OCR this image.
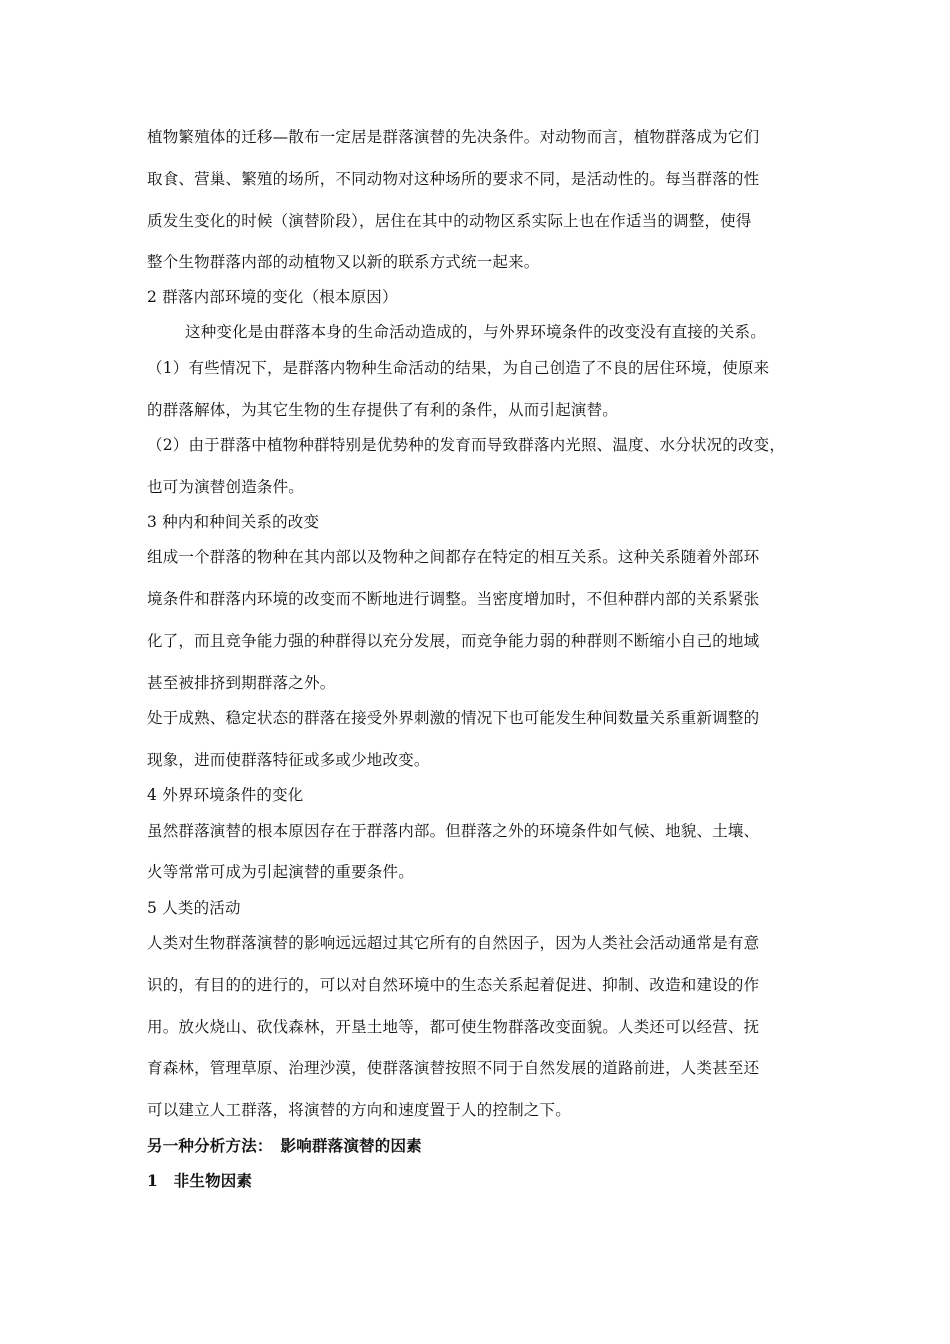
植物繁殖体的迁移—散布一定居是群落演替的先决条件。对动物而言，植物群落成为它们
取食、营巢、繁殖的场所，不同动物对这种场所的要求不同，是活动性的。每当群落的性
质发生变化的时候（演替阶段），居住在其中的动物区系实际上也在作适当的调整，使得
整个生物群落内部的动植物又以新的联系方式统一起来。
2 群落内部环境的变化（根本原因）
这种变化是由群落本身的生命活动造成的，与外界环境条件的改变没有直接的关系。
（1）有些情况下，是群落内物种生命活动的结果，为自己创造了不良的居住环境，使原来
的群落解体，为其它生物的生存提供了有利的条件，从而引起演替。
（2）由于群落中植物种群特别是优势种的发育而导致群落内光照、温度、水分状况的改变，
也可为演替创造条件。
3 种内和种间关系的改变
组成一个群落的物种在其内部以及物种之间都存在特定的相互关系。这种关系随着外部环
境条件和群落内环境的改变而不断地进行调整。当密度增加时，不但种群内部的关系紧张
化了，而且竞争能力强的种群得以充分发展，而竞争能力弱的种群则不断缩小自己的地域
甚至被排挤到期群落之外。
处于成熟、稳定状态的群落在接受外界刺激的情况下也可能发生种间数量关系重新调整的
现象，进而使群落特征或多或少地改变。
4 外界环境条件的变化
虽然群落演替的根本原因存在于群落内部。但群落之外的环境条件如气候、地貌、土壤、
火等常常可成为引起演替的重要条件。
5 人类的活动
人类对生物群落演替的影响远远超过其它所有的自然因子，因为人类社会活动通常是有意
识的，有目的的进行的，可以对自然环境中的生态关系起着促进、抑制、改造和建设的作
用。放火烧山、砍伐森林，开垦土地等，都可使生物群落改变面貌。人类还可以经营、抚
育森林，管理草原、治理沙漠，使群落演替按照不同于自然发展的道路前进，人类甚至还
可以建立人工群落，将演替的方向和速度置于人的控制之下。
另一种分析方法：　影响群落演替的因素
1　非生物因素
